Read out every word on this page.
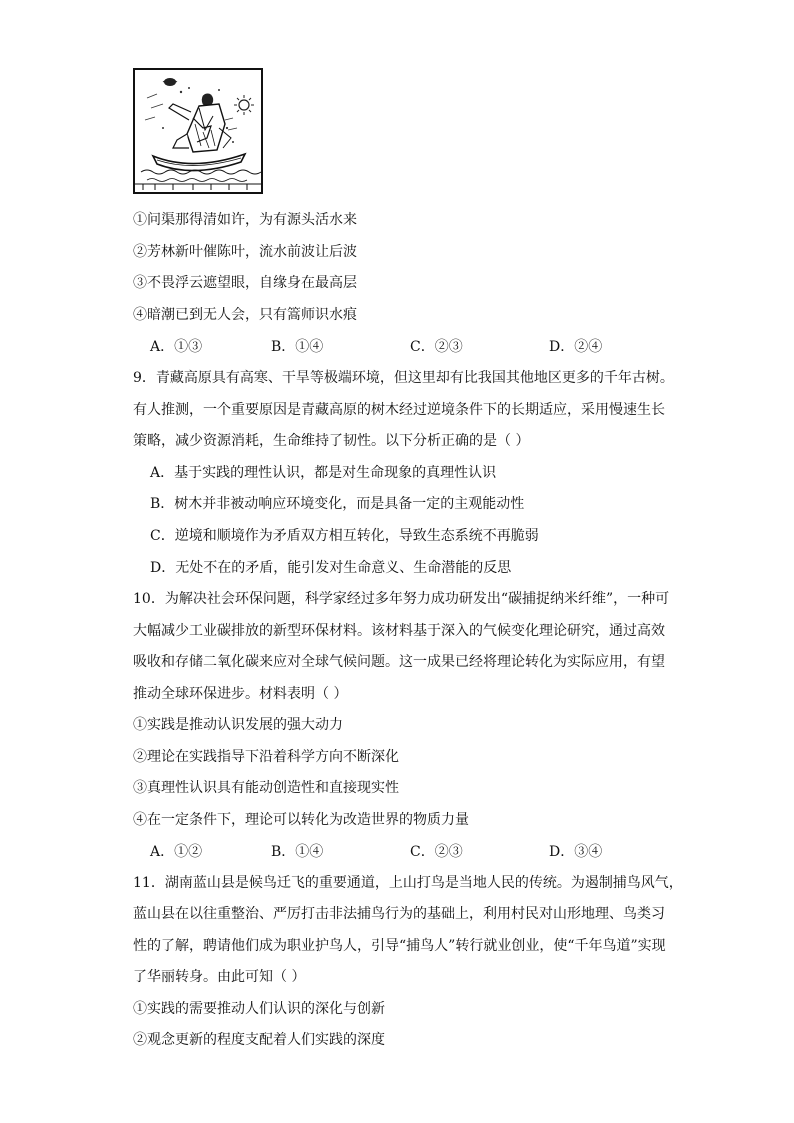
①问渠那得清如许，为有源头活水来
②芳林新叶催陈叶，流水前波让后波
③不畏浮云遮望眼，自缘身在最高层
④暗潮已到无人会，只有篙师识水痕
A．①③	B．①④	C．②③	D．②④
9．青藏高原具有高寒、干旱等极端环境，但这里却有比我国其他地区更多的千年古树。
有人推测，一个重要原因是青藏高原的树木经过逆境条件下的长期适应，采用慢速生长
策略，减少资源消耗，生命维持了韧性。以下分析正确的是（ ）
A．基于实践的理性认识，都是对生命现象的真理性认识
B．树木并非被动响应环境变化，而是具备一定的主观能动性
C．逆境和顺境作为矛盾双方相互转化，导致生态系统不再脆弱
D．无处不在的矛盾，能引发对生命意义、生命潜能的反思
10．为解决社会环保问题，科学家经过多年努力成功研发出“碳捕捉纳米纤维”，一种可
大幅减少工业碳排放的新型环保材料。该材料基于深入的气候变化理论研究，通过高效
吸收和存储二氧化碳来应对全球气候问题。这一成果已经将理论转化为实际应用，有望
推动全球环保进步。材料表明（ ）
①实践是推动认识发展的强大动力
②理论在实践指导下沿着科学方向不断深化
③真理性认识具有能动创造性和直接现实性
④在一定条件下，理论可以转化为改造世界的物质力量
A．①②	B．①④	C．②③	D．③④
11．湖南蓝山县是候鸟迁飞的重要通道，上山打鸟是当地人民的传统。为遏制捕鸟风气，
蓝山县在以往重整治、严厉打击非法捕鸟行为的基础上，利用村民对山形地理、鸟类习
性的了解，聘请他们成为职业护鸟人，引导“捕鸟人”转行就业创业，使“千年鸟道”实现
了华丽转身。由此可知（ ）
①实践的需要推动人们认识的深化与创新
②观念更新的程度支配着人们实践的深度
